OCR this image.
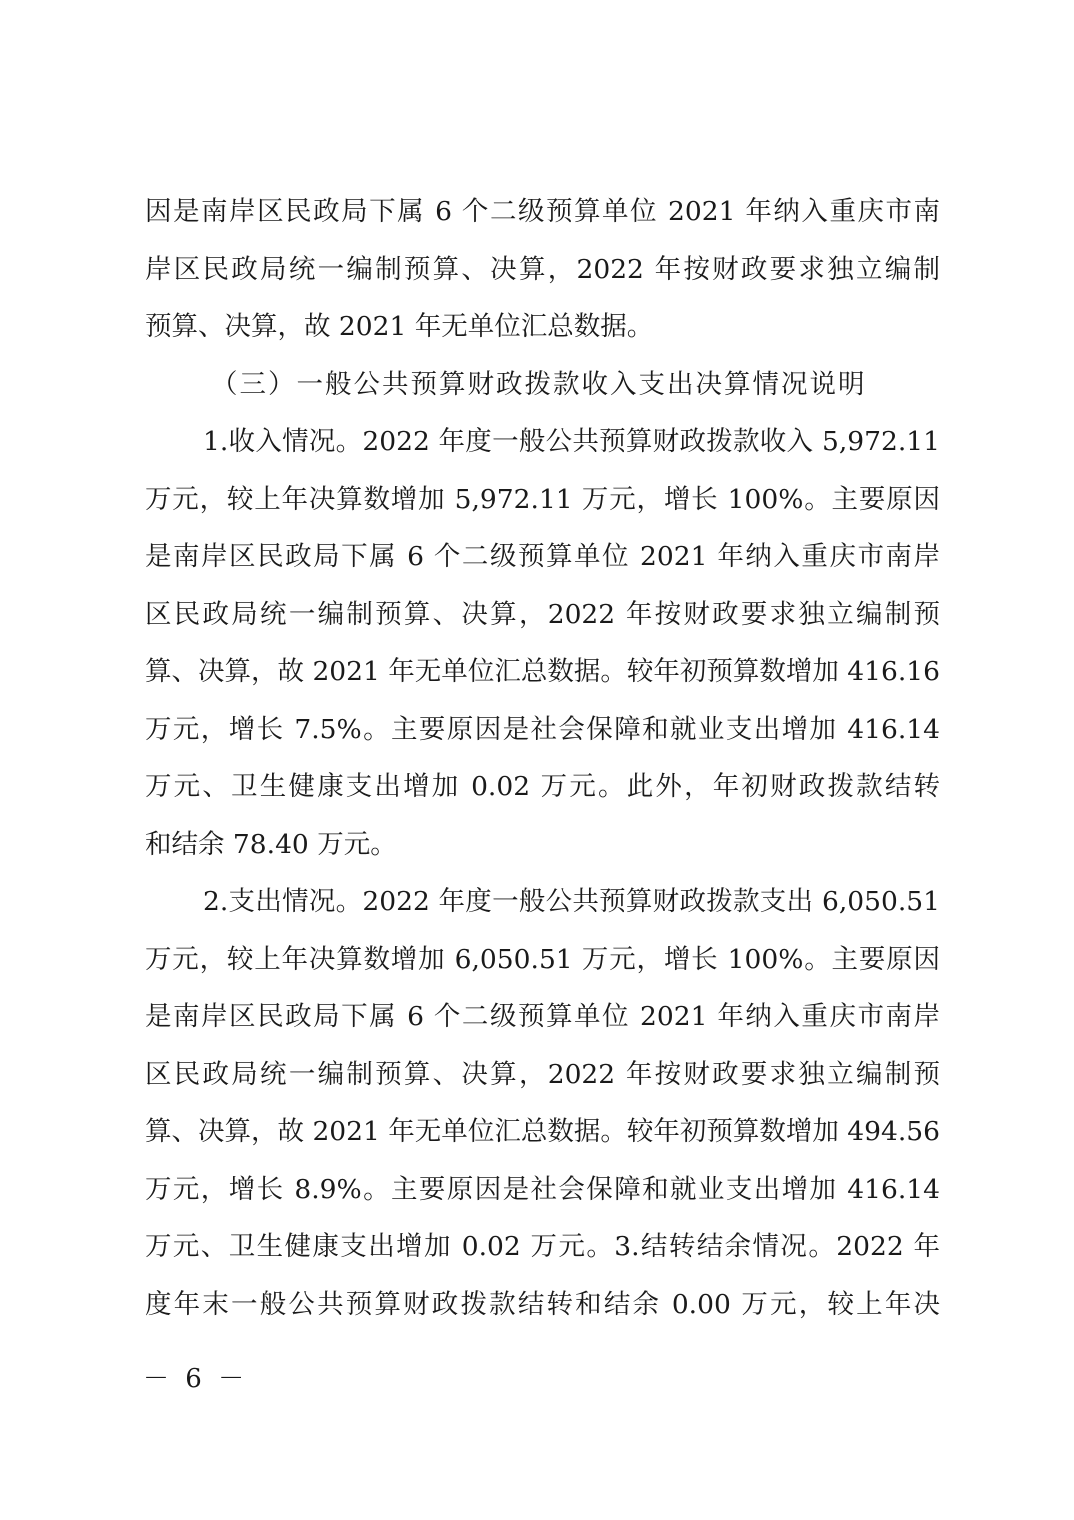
因是南岸区民政局下属 6 个二级预算单位 2021 年纳入重庆市南
岸区民政局统一编制预算、决算，2022 年按财政要求独立编制
预算、决算，故 2021 年无单位汇总数据。
（三）一般公共预算财政拨款收入支出决算情况说明
1.收入情况。2022 年度一般公共预算财政拨款收入 5,972.11
万元，较上年决算数增加 5,972.11 万元，增长 100%。主要原因
是南岸区民政局下属 6 个二级预算单位 2021 年纳入重庆市南岸
区民政局统一编制预算、决算，2022 年按财政要求独立编制预
算、决算，故 2021 年无单位汇总数据。较年初预算数增加 416.16
万元，增长 7.5%。主要原因是社会保障和就业支出增加 416.14
万元、卫生健康支出增加 0.02 万元。此外，年初财政拨款结转
和结余 78.40 万元。
2.支出情况。2022 年度一般公共预算财政拨款支出 6,050.51
万元，较上年决算数增加 6,050.51 万元，增长 100%。主要原因
是南岸区民政局下属 6 个二级预算单位 2021 年纳入重庆市南岸
区民政局统一编制预算、决算，2022 年按财政要求独立编制预
算、决算，故 2021 年无单位汇总数据。较年初预算数增加 494.56
万元，增长 8.9%。主要原因是社会保障和就业支出增加 416.14
万元、卫生健康支出增加 0.02 万元。3.结转结余情况。2022 年
度年末一般公共预算财政拨款结转和结余 0.00 万元，较上年决
－ 6 －
